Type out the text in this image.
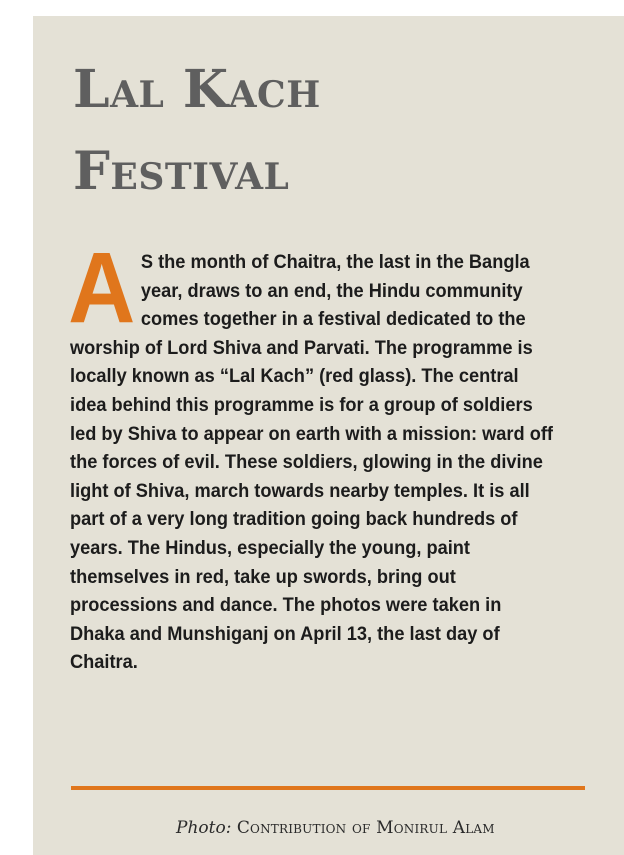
Lal Kach
Festival

A S the month of Chaitra, the last in the Bangla year, draws to an end, the Hindu community comes together in a festival dedicated to the worship of Lord Shiva and Parvati. The programme is locally known as “Lal Kach” (red glass). The central idea behind this programme is for a group of soldiers led by Shiva to appear on earth with a mission: ward off the forces of evil. These soldiers, glowing in the divine light of Shiva, march towards nearby temples. It is all part of a very long tradition going back hundreds of years. The Hindus, especially the young, paint themselves in red, take up swords, bring out processions and dance. The photos were taken in Dhaka and Munshiganj on April 13, the last day of Chaitra.

Photo: Contribution of Monirul Alam
